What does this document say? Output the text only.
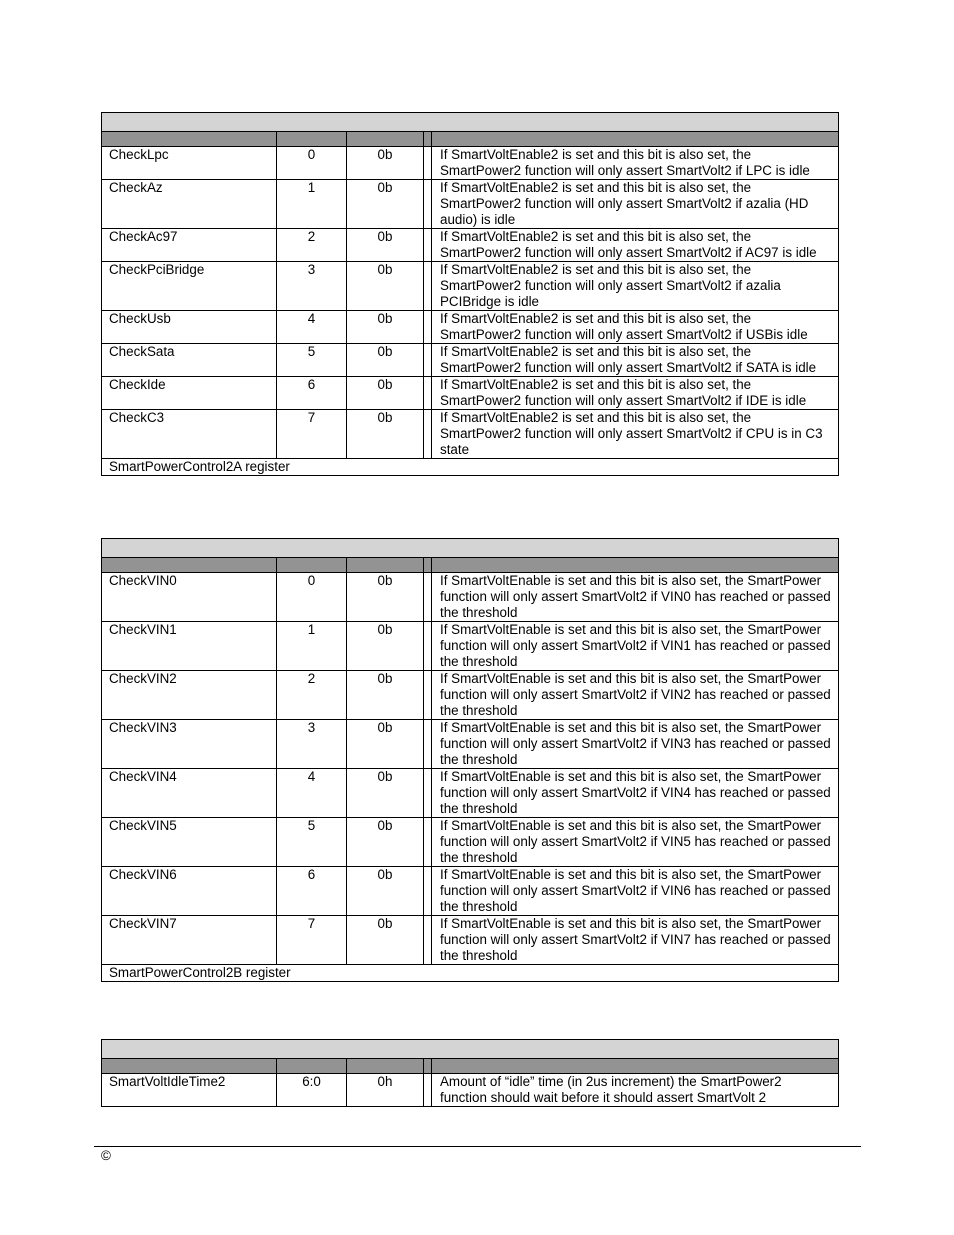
CheckLpc	0	0b		If SmartVoltEnable2 is set and this bit is also set, the SmartPower2 function will only assert SmartVolt2 if LPC is idle
CheckAz	1	0b		If SmartVoltEnable2 is set and this bit is also set, the SmartPower2 function will only assert SmartVolt2 if azalia (HD audio) is idle
CheckAc97	2	0b		If SmartVoltEnable2 is set and this bit is also set, the SmartPower2 function will only assert SmartVolt2 if AC97 is idle
CheckPciBridge	3	0b		If SmartVoltEnable2 is set and this bit is also set, the SmartPower2 function will only assert SmartVolt2 if azalia PCIBridge is idle
CheckUsb	4	0b		If SmartVoltEnable2 is set and this bit is also set, the SmartPower2 function will only assert SmartVolt2 if USBis idle
CheckSata	5	0b		If SmartVoltEnable2 is set and this bit is also set, the SmartPower2 function will only assert SmartVolt2 if SATA is idle
CheckIde	6	0b		If SmartVoltEnable2 is set and this bit is also set, the SmartPower2 function will only assert SmartVolt2 if IDE is idle
CheckC3	7	0b		If SmartVoltEnable2 is set and this bit is also set, the SmartPower2 function will only assert SmartVolt2 if CPU is in C3 state
SmartPowerControl2A register				

CheckVIN0	0	0b		If SmartVoltEnable is set and this bit is also set, the SmartPower function will only assert SmartVolt2 if VIN0 has reached or passed the threshold
CheckVIN1	1	0b		If SmartVoltEnable is set and this bit is also set, the SmartPower function will only assert SmartVolt2 if VIN1 has reached or passed the threshold
CheckVIN2	2	0b		If SmartVoltEnable is set and this bit is also set, the SmartPower function will only assert SmartVolt2 if VIN2 has reached or passed the threshold
CheckVIN3	3	0b		If SmartVoltEnable is set and this bit is also set, the SmartPower function will only assert SmartVolt2 if VIN3 has reached or passed the threshold
CheckVIN4	4	0b		If SmartVoltEnable is set and this bit is also set, the SmartPower function will only assert SmartVolt2 if VIN4 has reached or passed the threshold
CheckVIN5	5	0b		If SmartVoltEnable is set and this bit is also set, the SmartPower function will only assert SmartVolt2 if VIN5 has reached or passed the threshold
CheckVIN6	6	0b		If SmartVoltEnable is set and this bit is also set, the SmartPower function will only assert SmartVolt2 if VIN6 has reached or passed the threshold
CheckVIN7	7	0b		If SmartVoltEnable is set and this bit is also set, the SmartPower function will only assert SmartVolt2 if VIN7 has reached or passed the threshold
SmartPowerControl2B register				

SmartVoltIdleTime2	6:0	0h		Amount of “idle” time (in 2us increment) the SmartPower2 function should wait before it should assert SmartVolt 2
©
